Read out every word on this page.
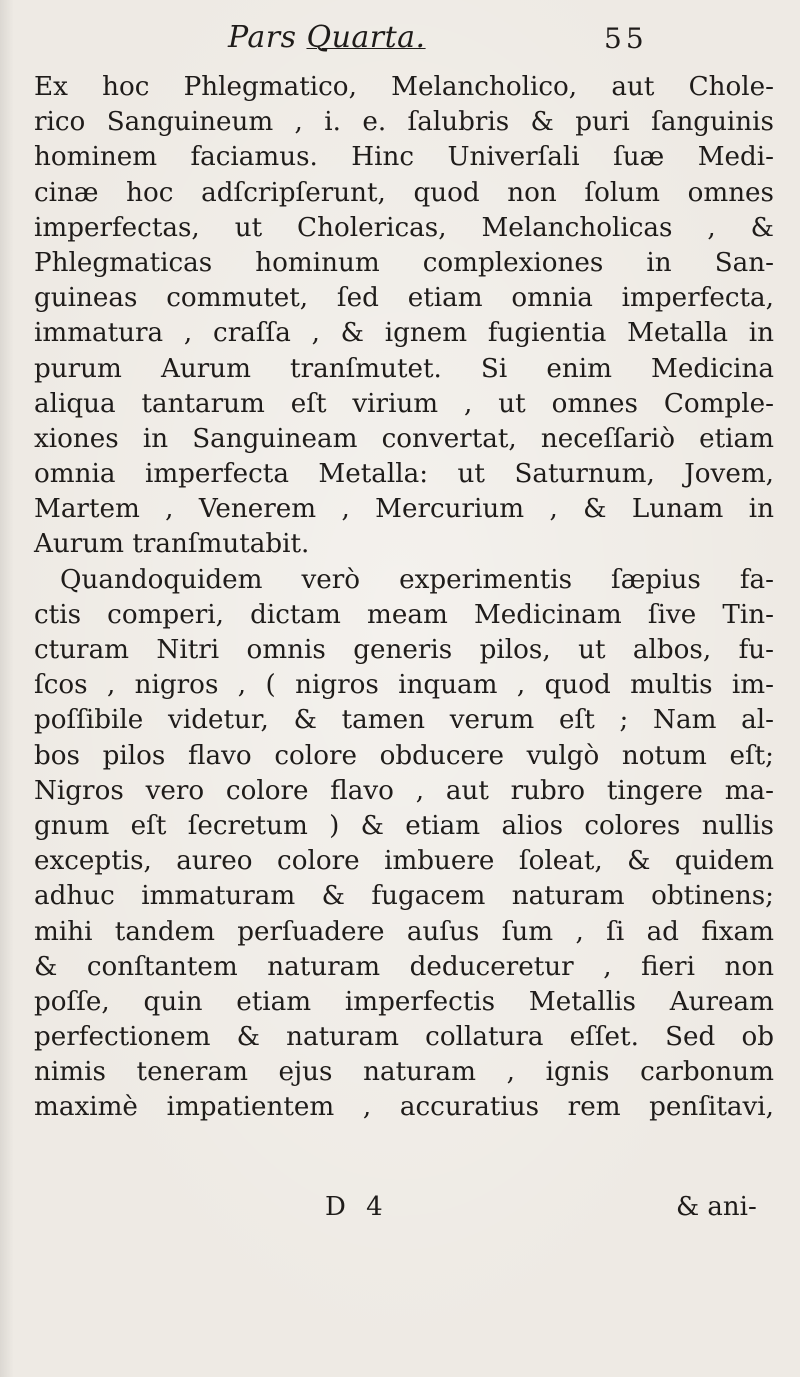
Pars Quarta.	55
Ex hoc Phlegmatico, Melancholico, aut Chole-
rico Sanguineum , i. e. ſalubris & puri ſanguinis
hominem faciamus. Hinc Univerſali ſuæ Medi-
cinæ hoc adſcripſerunt, quod non ſolum omnes
imperfectas, ut Cholericas, Melancholicas , &
Phlegmaticas hominum complexiones in San-
guineas commutet, ſed etiam omnia imperfecta,
immatura , craſſa , & ignem fugientia Metalla in
purum Aurum tranſmutet. Si enim Medicina
aliqua tantarum eſt virium , ut omnes Comple-
xiones in Sanguineam convertat, neceſſariò etiam
omnia imperfecta Metalla: ut Saturnum, Jovem,
Martem , Venerem , Mercurium , & Lunam in
Aurum tranſmutabit.
Quandoquidem verò experimentis ſæpius fa-
ctis comperi, dictam meam Medicinam ſive Tin-
cturam Nitri omnis generis pilos, ut albos, fu-
ſcos , nigros , ( nigros inquam , quod multis im-
poſſibile videtur, & tamen verum eſt ; Nam al-
bos pilos flavo colore obducere vulgò notum eſt;
Nigros vero colore flavo , aut rubro tingere ma-
gnum eſt ſecretum ) & etiam alios colores nullis
exceptis, aureo colore imbuere ſoleat, & quidem
adhuc immaturam & fugacem naturam obtinens;
mihi tandem perſuadere auſus ſum , ſi ad fixam
& conſtantem naturam deduceretur , fieri non
poſſe, quin etiam imperfectis Metallis Auream
perfectionem & naturam collatura eſſet. Sed ob
nimis teneram ejus naturam , ignis carbonum
maximè impatientem , accuratius rem penſitavi,
D 4	& ani-
